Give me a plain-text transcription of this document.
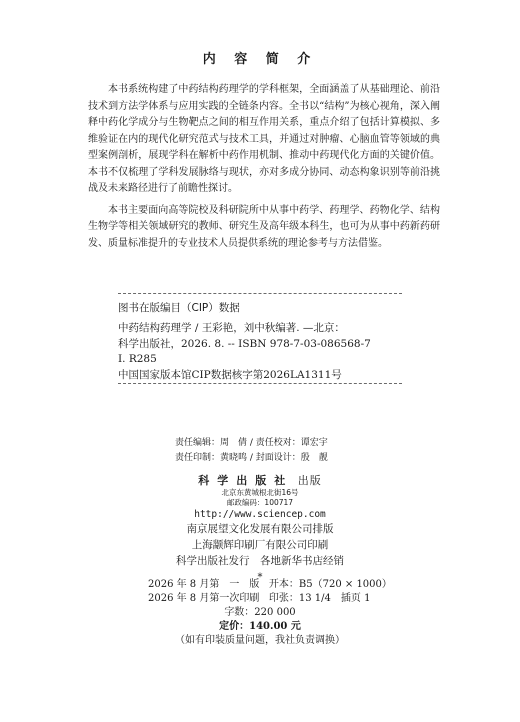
内 容 简 介

本书系统构建了中药结构药理学的学科框架，全面涵盖了从基础理论、前沿技术到方法学体系与应用实践的全链条内容。全书以“结构”为核心视角，深入阐释中药化学成分与生物靶点之间的相互作用关系，重点介绍了包括计算模拟、多维验证在内的现代化研究范式与技术工具，并通过对肿瘤、心脑血管等领域的典型案例剖析，展现学科在解析中药作用机制、推动中药现代化方面的关键价值。本书不仅梳理了学科发展脉络与现状，亦对多成分协同、动态构象识别等前沿挑战及未来路径进行了前瞻性探讨。

本书主要面向高等院校及科研院所中从事中药学、药理学、药物化学、结构生物学等相关领域研究的教师、研究生及高年级本科生，也可为从事中药新药研发、质量标准提升的专业技术人员提供系统的理论参考与方法借鉴。

图书在版编目（CIP）数据
中药结构药理学 / 王彩艳，刘中秋编著. —北京：
科学出版社，2026. 8. -- ISBN 978-7-03-086568-7
Ⅰ. R285
中国国家版本馆CIP数据核字第2026LA1311号
责任编辑：周　倩 / 责任校对：谭宏宇
责任印制：黄晓鸣 / 封面设计：殷　靓
科学出版社 出版
北京东黄城根北街16号
邮政编码：100717
http://www.sciencep.com
南京展望文化发展有限公司排版
上海颛辉印刷厂有限公司印刷
科学出版社发行　各地新华书店经销
*
2026 年 8 月第　一　版 开本：B5（720 × 1000）
2026 年 8 月第一次印刷 印张：13 1/4　插页 1
字数：220 000
定价：140.00 元
（如有印装质量问题，我社负责调换）
